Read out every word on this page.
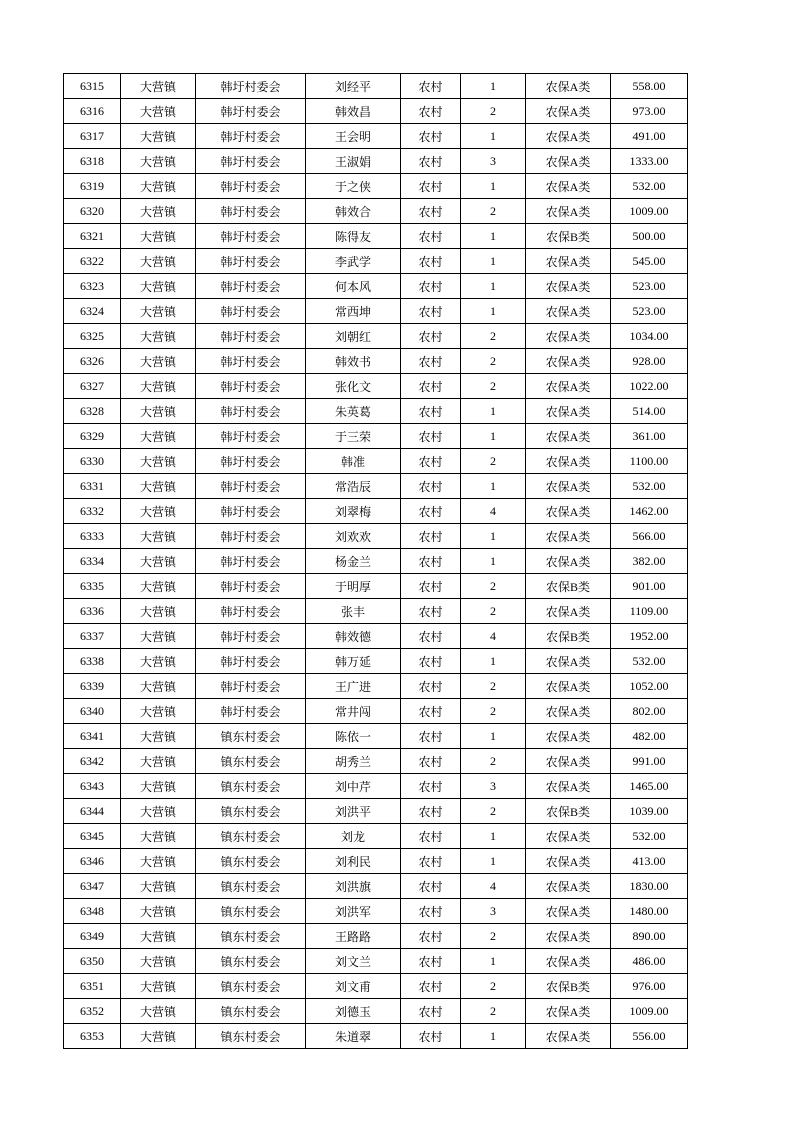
6315	大营镇	韩圩村委会	刘经平	农村	1	农保A类	558.00
6316	大营镇	韩圩村委会	韩效昌	农村	2	农保A类	973.00
6317	大营镇	韩圩村委会	王会明	农村	1	农保A类	491.00
6318	大营镇	韩圩村委会	王淑娟	农村	3	农保A类	1333.00
6319	大营镇	韩圩村委会	于之侠	农村	1	农保A类	532.00
6320	大营镇	韩圩村委会	韩效合	农村	2	农保A类	1009.00
6321	大营镇	韩圩村委会	陈得友	农村	1	农保B类	500.00
6322	大营镇	韩圩村委会	李武学	农村	1	农保A类	545.00
6323	大营镇	韩圩村委会	何本风	农村	1	农保A类	523.00
6324	大营镇	韩圩村委会	常西坤	农村	1	农保A类	523.00
6325	大营镇	韩圩村委会	刘朝红	农村	2	农保A类	1034.00
6326	大营镇	韩圩村委会	韩效书	农村	2	农保A类	928.00
6327	大营镇	韩圩村委会	张化文	农村	2	农保A类	1022.00
6328	大营镇	韩圩村委会	朱英葛	农村	1	农保A类	514.00
6329	大营镇	韩圩村委会	于三荣	农村	1	农保A类	361.00
6330	大营镇	韩圩村委会	韩准	农村	2	农保A类	1100.00
6331	大营镇	韩圩村委会	常浩辰	农村	1	农保A类	532.00
6332	大营镇	韩圩村委会	刘翠梅	农村	4	农保A类	1462.00
6333	大营镇	韩圩村委会	刘欢欢	农村	1	农保A类	566.00
6334	大营镇	韩圩村委会	杨金兰	农村	1	农保A类	382.00
6335	大营镇	韩圩村委会	于明厚	农村	2	农保B类	901.00
6336	大营镇	韩圩村委会	张丰	农村	2	农保A类	1109.00
6337	大营镇	韩圩村委会	韩效德	农村	4	农保B类	1952.00
6338	大营镇	韩圩村委会	韩万延	农村	1	农保A类	532.00
6339	大营镇	韩圩村委会	王广进	农村	2	农保A类	1052.00
6340	大营镇	韩圩村委会	常井闯	农村	2	农保A类	802.00
6341	大营镇	镇东村委会	陈依一	农村	1	农保A类	482.00
6342	大营镇	镇东村委会	胡秀兰	农村	2	农保A类	991.00
6343	大营镇	镇东村委会	刘中芹	农村	3	农保A类	1465.00
6344	大营镇	镇东村委会	刘洪平	农村	2	农保B类	1039.00
6345	大营镇	镇东村委会	刘龙	农村	1	农保A类	532.00
6346	大营镇	镇东村委会	刘利民	农村	1	农保A类	413.00
6347	大营镇	镇东村委会	刘洪旗	农村	4	农保A类	1830.00
6348	大营镇	镇东村委会	刘洪军	农村	3	农保A类	1480.00
6349	大营镇	镇东村委会	王路路	农村	2	农保A类	890.00
6350	大营镇	镇东村委会	刘文兰	农村	1	农保A类	486.00
6351	大营镇	镇东村委会	刘文甫	农村	2	农保B类	976.00
6352	大营镇	镇东村委会	刘德玉	农村	2	农保A类	1009.00
6353	大营镇	镇东村委会	朱道翠	农村	1	农保A类	556.00
